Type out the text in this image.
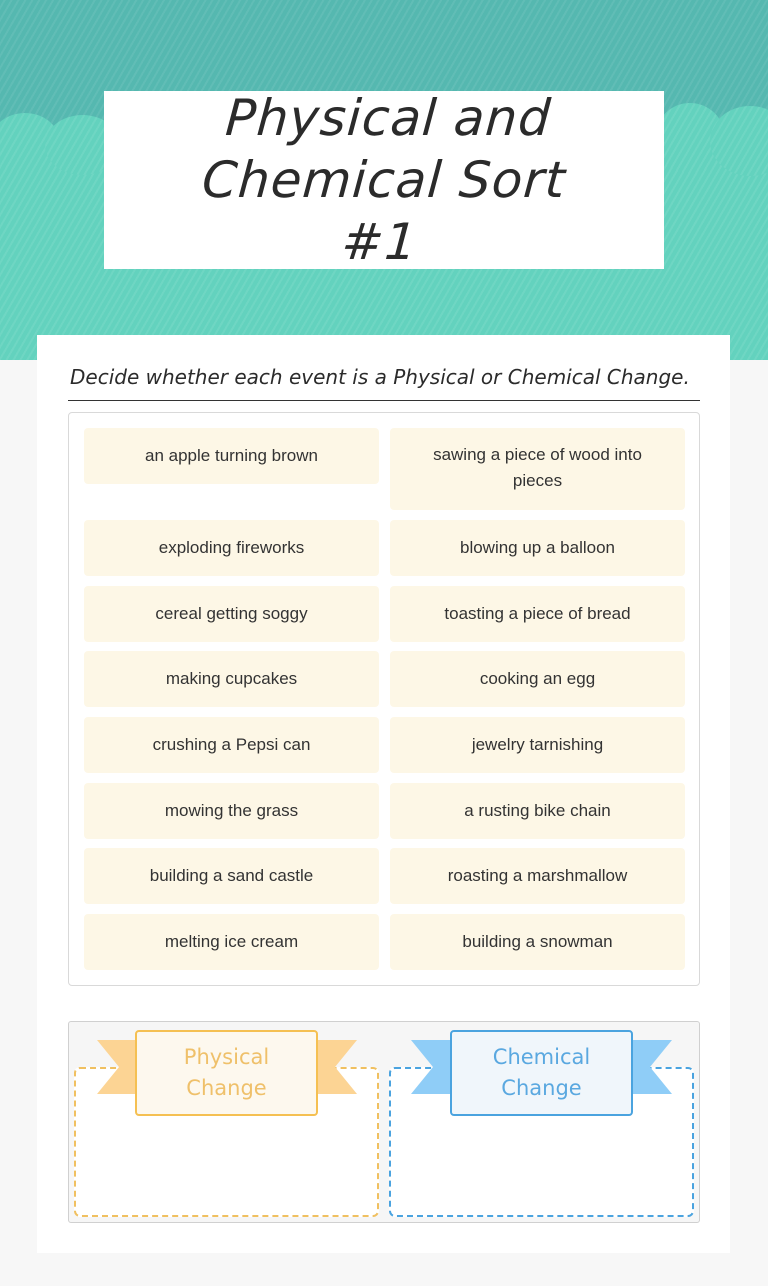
Physical and Chemical Sort #1
Decide whether each event is a Physical or Chemical Change.
an apple turning brown	sawing a piece of wood into pieces
exploding fireworks	blowing up a balloon
cereal getting soggy	toasting a piece of bread
making cupcakes	cooking an egg
crushing a Pepsi can	jewelry tarnishing
mowing the grass	a rusting bike chain
building a sand castle	roasting a marshmallow
melting ice cream	building a snowman
Physical
Change
Chemical
Change
